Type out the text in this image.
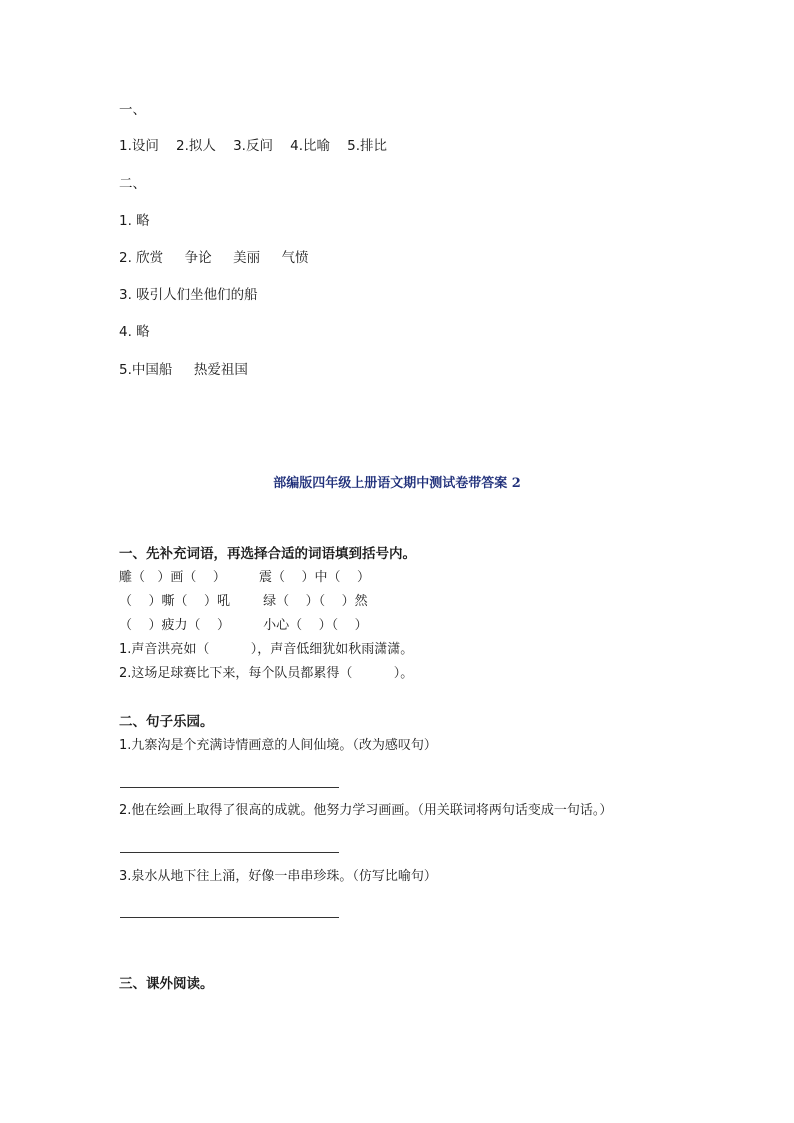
一、
1.设问    2.拟人    3.反问    4.比喻    5.排比
二、
1. 略
2. 欣赏     争论     美丽     气愤
3. 吸引人们坐他们的船
4. 略
5.中国船     热爱祖国
部编版四年级上册语文期中测试卷带答案 2
一、先补充词语，再选择合适的词语填到括号内。
雕（   ）画（    ）        震（    ）中（    ）
（    ）嘶（    ）吼        绿（    ）（    ）然
（    ）疲力（    ）        小心（    ）（    ）
1.声音洪亮如（          ），声音低细犹如秋雨潇潇。
2.这场足球赛比下来，每个队员都累得（          ）。
二、句子乐园。
1.九寨沟是个充满诗情画意的人间仙境。（改为感叹句）
2.他在绘画上取得了很高的成就。他努力学习画画。（用关联词将两句话变成一句话。）
3.泉水从地下往上涌，好像一串串珍珠。（仿写比喻句）
三、课外阅读。
